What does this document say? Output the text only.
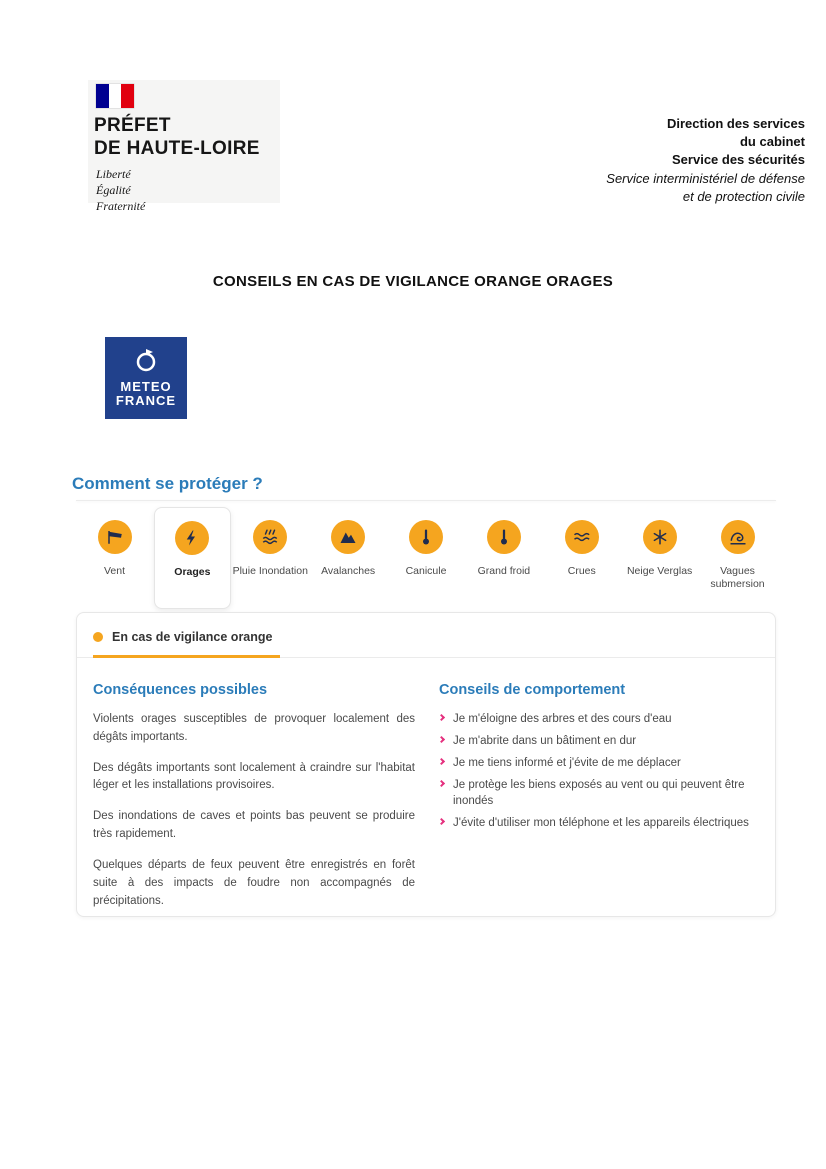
PRÉFET
DE HAUTE-LOIRE
Liberté
Égalité
Fraternité
Direction des services
du cabinet
Service des sécurités
Service interministériel de défense
et de protection civile
CONSEILS EN CAS DE VIGILANCE ORANGE ORAGES
METEO
FRANCE
Comment se protéger ?
Vent	Orages Pluie Inondation Avalanches	Canicule	Grand froid	Crues	Neige Verglas	Vagues submersion
En cas de vigilance orange
Conséquences possibles

Violents orages susceptibles de provoquer localement des dégâts importants.

Des dégâts importants sont localement à craindre sur l'habitat léger et les installations provisoires.

Des inondations de caves et points bas peuvent se produire très rapidement.

Quelques départs de feux peuvent être enregistrés en forêt suite à des impacts de foudre non accompagnés de précipitations.

Conseils de comportement
Je m'éloigne des arbres et des cours d'eau
Je m'abrite dans un bâtiment en dur
Je me tiens informé et j'évite de me déplacer
Je protège les biens exposés au vent ou qui peuvent être inondés
J'évite d'utiliser mon téléphone et les appareils électriques
